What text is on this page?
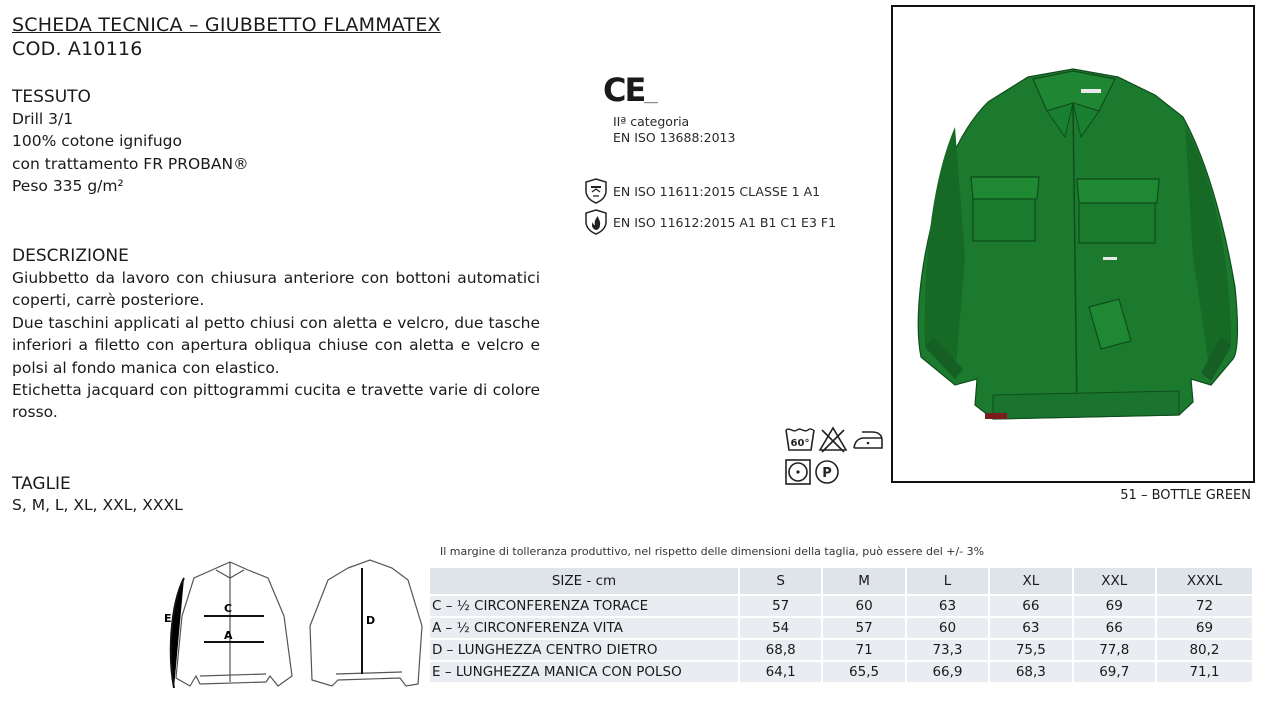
SCHEDA TECNICA – GIUBBETTO FLAMMATEX
COD. A10116
TESSUTO
Drill 3/1
100% cotone ignifugo
con trattamento FR PROBAN®
Peso 335 g/m²
DESCRIZIONE
Giubbetto da lavoro con chiusura anteriore con bottoni automatici coperti, carrè posteriore.
Due taschini applicati al petto chiusi con aletta e velcro, due tasche inferiori a filetto con apertura obliqua chiuse con aletta e velcro e polsi al fondo manica con elastico.
Etichetta jacquard con pittogrammi cucita e travette varie di colore rosso.
TAGLIE
S, M, L, XL, XXL, XXXL
CE___
IIª categoria
EN ISO 13688:2013
EN ISO 11611:2015 CLASSE 1 A1
EN ISO 11612:2015 A1 B1 C1 E3 F1
60°
P
51 – BOTTLE GREEN
C
A
E	D
Il margine di tolleranza produttivo, nel rispetto delle dimensioni della taglia, può essere del +/- 3%
SIZE - cm	S	M	L	XL	XXL	XXXL
C – ½ CIRCONFERENZA TORACE	57	60	63	66	69	72
A – ½ CIRCONFERENZA VITA	54	57	60	63	66	69
D – LUNGHEZZA CENTRO DIETRO	68,8	71	73,3	75,5	77,8	80,2
E – LUNGHEZZA MANICA CON POLSO	64,1	65,5	66,9	68,3	69,7	71,1
